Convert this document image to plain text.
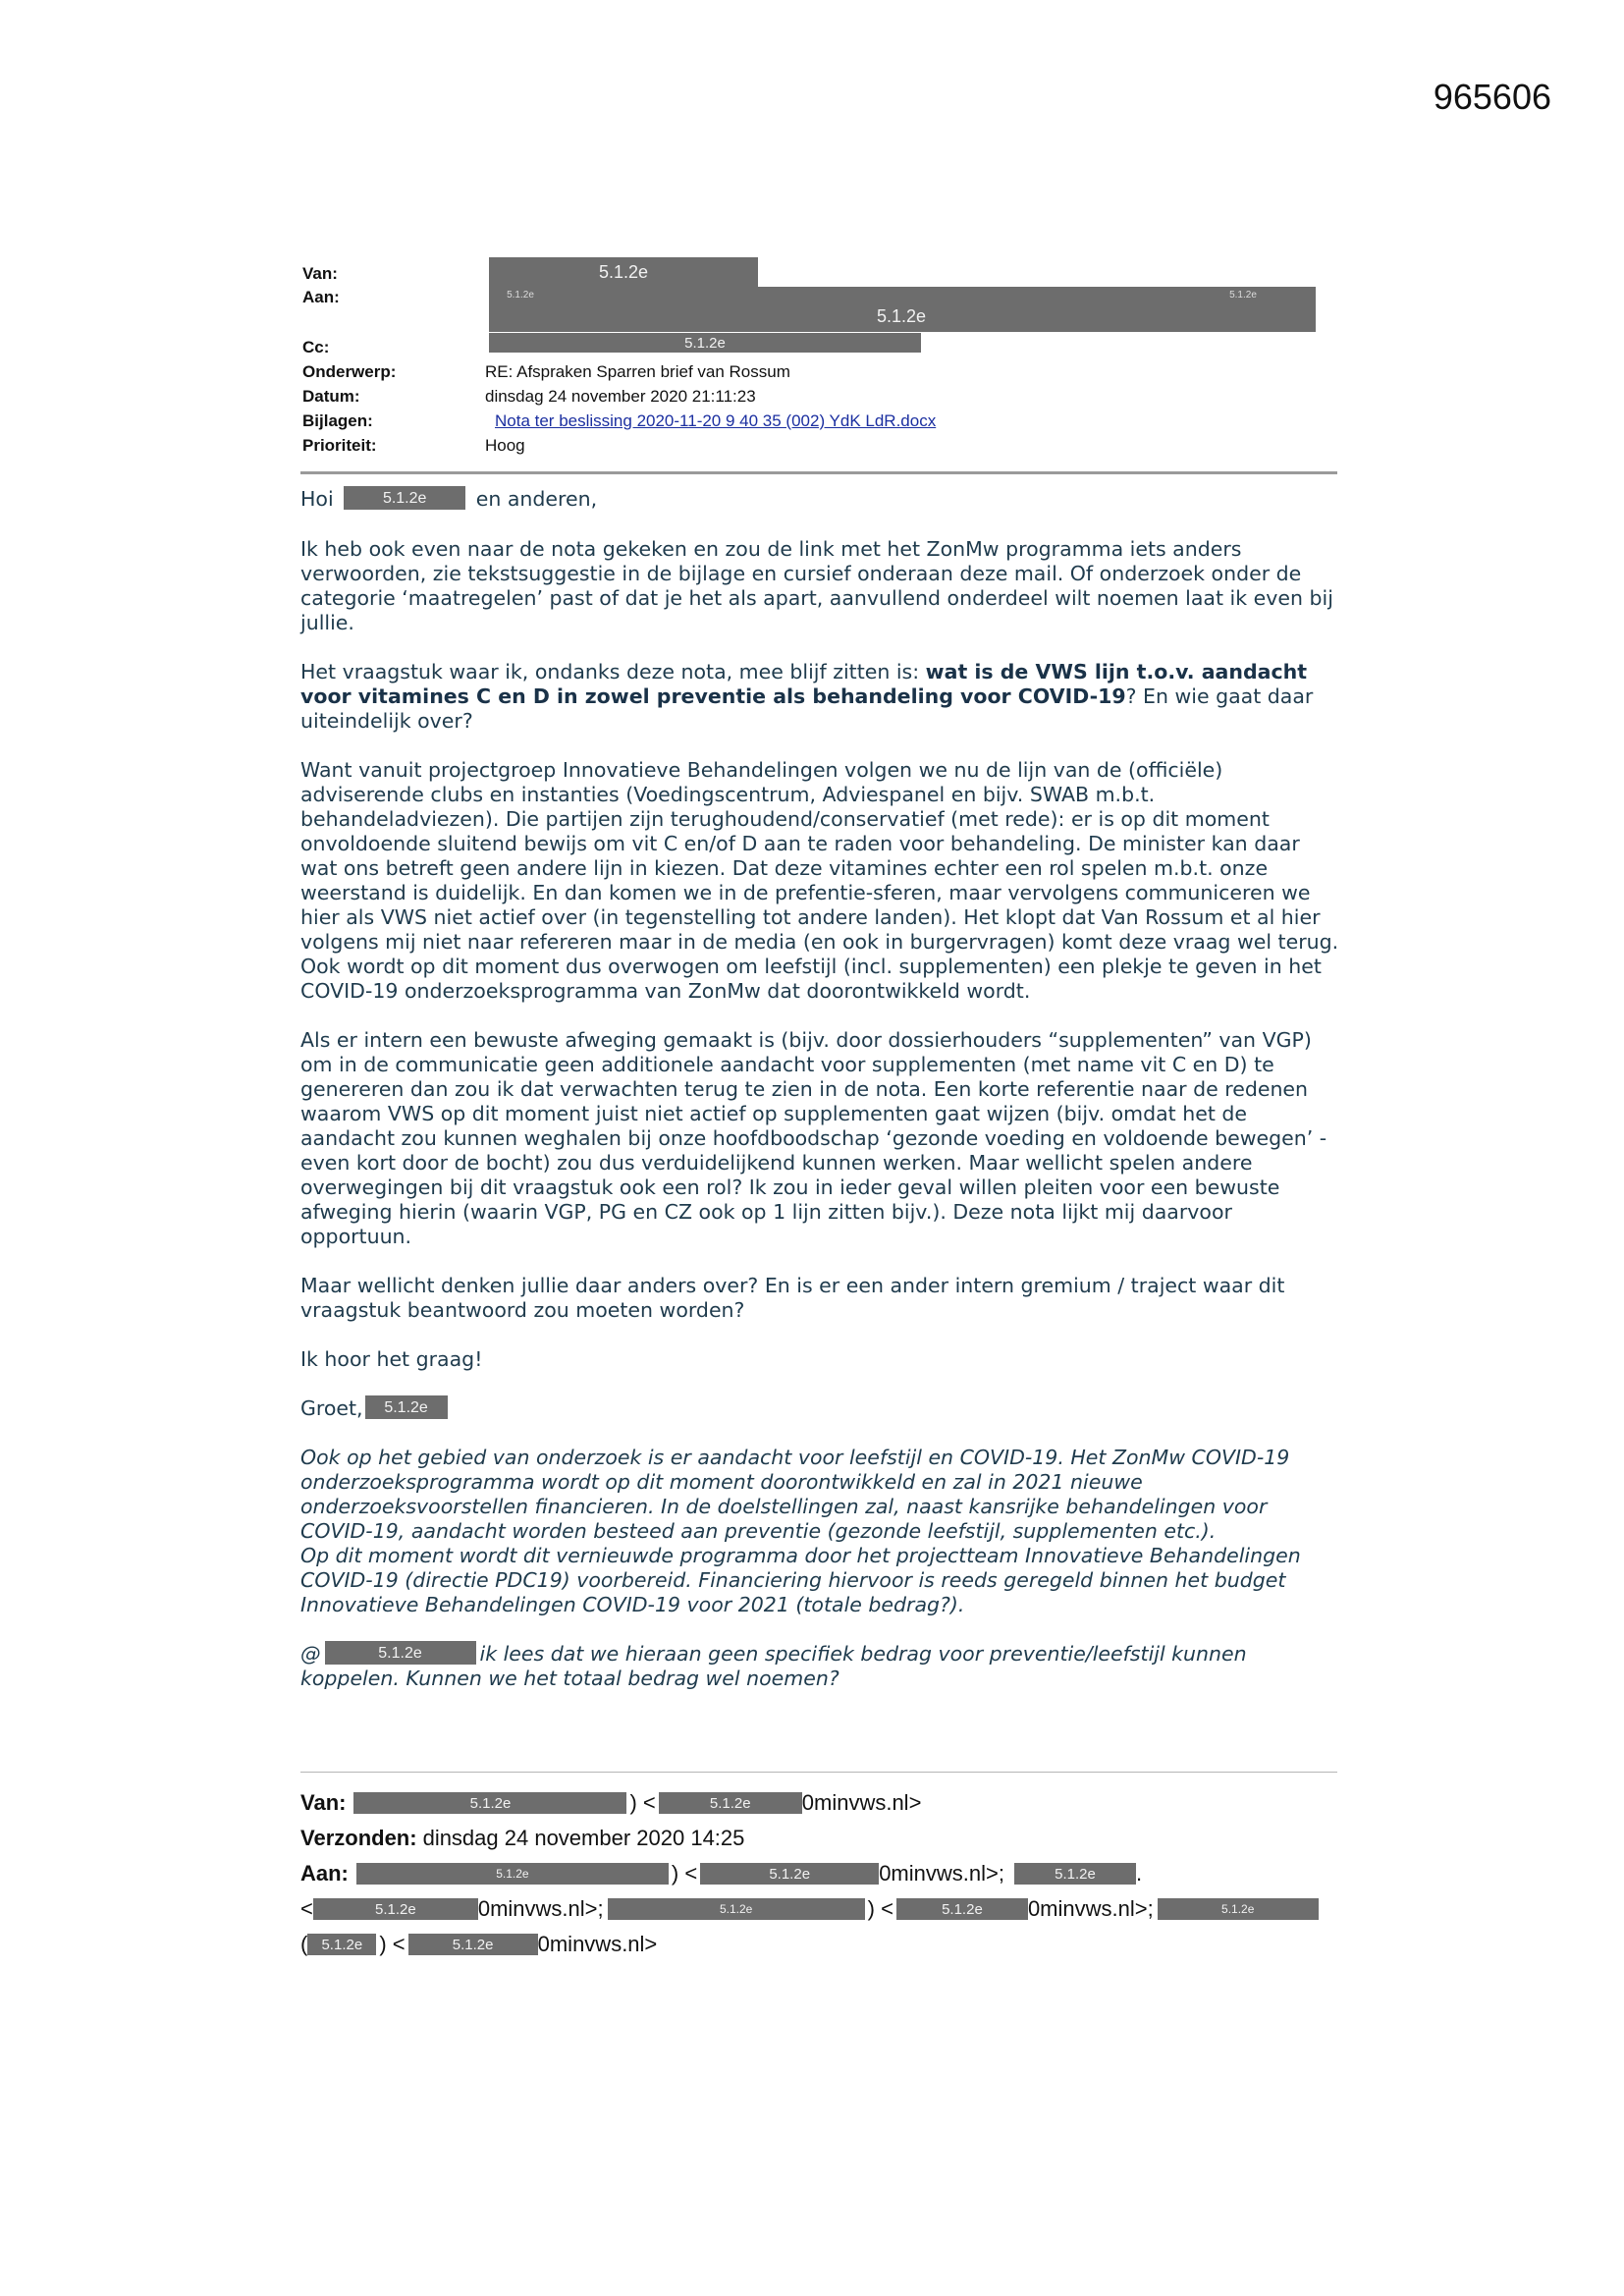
965606
Van:	5.1.2e
Aan:	5.1.2e
5.1.2e
5.1.2e
Cc:	5.1.2e
Onderwerp:	RE: Afspraken Sparren brief van Rossum
Datum:	dinsdag 24 november 2020 21:11:23
Bijlagen:	Nota ter beslissing 2020-11-20 9 40 35 (002) YdK LdR.docx
Prioriteit:	Hoog

Hoi	5.1.2e en anderen,

Ik heb ook even naar de nota gekeken en zou de link met het ZonMw programma iets anders verwoorden, zie tekstsuggestie in de bijlage en cursief onderaan deze mail. Of onderzoek onder de categorie ‘maatregelen’ past of dat je het als apart, aanvullend onderdeel wilt noemen laat ik even bij jullie.

Het vraagstuk waar ik, ondanks deze nota, mee blijf zitten is: wat is de VWS lijn t.o.v. aandacht voor vitamines C en D in zowel preventie als behandeling voor COVID-19? En wie gaat daar uiteindelijk over?

Want vanuit projectgroep Innovatieve Behandelingen volgen we nu de lijn van de (officiële) adviserende clubs en instanties (Voedingscentrum, Adviespanel en bijv. SWAB m.b.t. behandeladviezen). Die partijen zijn terughoudend/conservatief (met rede): er is op dit moment onvoldoende sluitend bewijs om vit C en/of D aan te raden voor behandeling. De minister kan daar wat ons betreft geen andere lijn in kiezen. Dat deze vitamines echter een rol spelen m.b.t. onze weerstand is duidelijk. En dan komen we in de prefentie-sferen, maar vervolgens communiceren we hier als VWS niet actief over (in tegenstelling tot andere landen). Het klopt dat Van Rossum et al hier volgens mij niet naar refereren maar in de media (en ook in burgervragen) komt deze vraag wel terug. Ook wordt op dit moment dus overwogen om leefstijl (incl. supplementen) een plekje te geven in het COVID-19 onderzoeksprogramma van ZonMw dat doorontwikkeld wordt.

Als er intern een bewuste afweging gemaakt is (bijv. door dossierhouders “supplementen” van VGP) om in de communicatie geen additionele aandacht voor supplementen (met name vit C en D) te genereren dan zou ik dat verwachten terug te zien in de nota. Een korte referentie naar de redenen waarom VWS op dit moment juist niet actief op supplementen gaat wijzen (bijv. omdat het de aandacht zou kunnen weghalen bij onze hoofdboodschap ‘gezonde voeding en voldoende bewegen’ - even kort door de bocht) zou dus verduidelijkend kunnen werken. Maar wellicht spelen andere overwegingen bij dit vraagstuk ook een rol? Ik zou in ieder geval willen pleiten voor een bewuste afweging hierin (waarin VGP, PG en CZ ook op 1 lijn zitten bijv.). Deze nota lijkt mij daarvoor opportuun.

Maar wellicht denken jullie daar anders over? En is er een ander intern gremium / traject waar dit vraagstuk beantwoord zou moeten worden?

Ik hoor het graag!

Groet, 5.1.2e

Ook op het gebied van onderzoek is er aandacht voor leefstijl en COVID-19. Het ZonMw COVID-19 onderzoeksprogramma wordt op dit moment doorontwikkeld en zal in 2021 nieuwe onderzoeksvoorstellen financieren. In de doelstellingen zal, naast kansrijke behandelingen voor COVID-19, aandacht worden besteed aan preventie (gezonde leefstijl, supplementen etc.).
Op dit moment wordt dit vernieuwde programma door het projectteam Innovatieve Behandelingen COVID-19 (directie PDC19) voorbereid. Financiering hiervoor is reeds geregeld binnen het budget Innovatieve Behandelingen COVID-19 voor 2021 (totale bedrag?).

@	5.1.2e	ik lees dat we hieraan geen specifiek bedrag voor preventie/leefstijl kunnen koppelen. Kunnen we het totaal bedrag wel noemen?

Van:	5.1.2e	) <	5.1.2e	0minvws.nl>
Verzonden: dinsdag 24 november 2020 14:25
Aan:	5.1.2e	) <	5.1.2e	0minvws.nl>;	5.1.2e	.
<	5.1.2e	0minvws.nl>;	5.1.2e	) <	5.1.2e	0minvws.nl>;	5.1.2e
( 5.1.2e ) <	5.1.2e	0minvws.nl>
